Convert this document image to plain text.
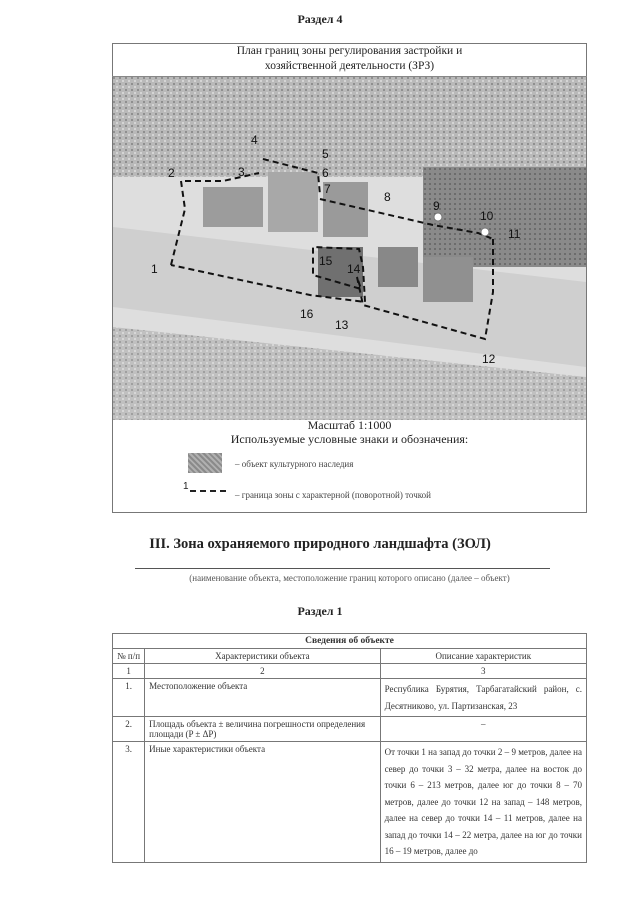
Раздел 4
План границ зоны регулирования застройки и
хозяйственной деятельности (ЗРЗ)
1
2	3
4
5
6
7
8
9
10
11
12
13
14
15
16
Масштаб 1:1000
Используемые условные знаки и обозначения:
– объект культурного наследия
1
– граница зоны с характерной (поворотной) точкой
III. Зона охраняемого природного ландшафта (ЗОЛ)
(наименование объекта, местоположение границ которого описано (далее – объект)
Раздел 1
Сведения об объекте		
№ п/п	Характеристики объекта	Описание характеристик
1	2	3
1.	Местоположение объекта	Республика Бурятия, Тарбагатайский район, с. Десятниково, ул. Партизанская, 23
2.	Площадь объекта ± величина погрешности определения площади (P ± ΔP)	–
3.	Иные характеристики объекта	От точки 1 на запад до точки 2 – 9 метров, далее на север до точки 3 – 32 метра, далее на восток до точки 6 – 213 метров, далее юг до точки 8 – 70 метров, далее до точки 12 на запад – 148 метров, далее на север до точки 14 – 11 метров, далее на запад до точки 14 – 22 метра, далее на юг до точки 16 – 19 метров, далее до
